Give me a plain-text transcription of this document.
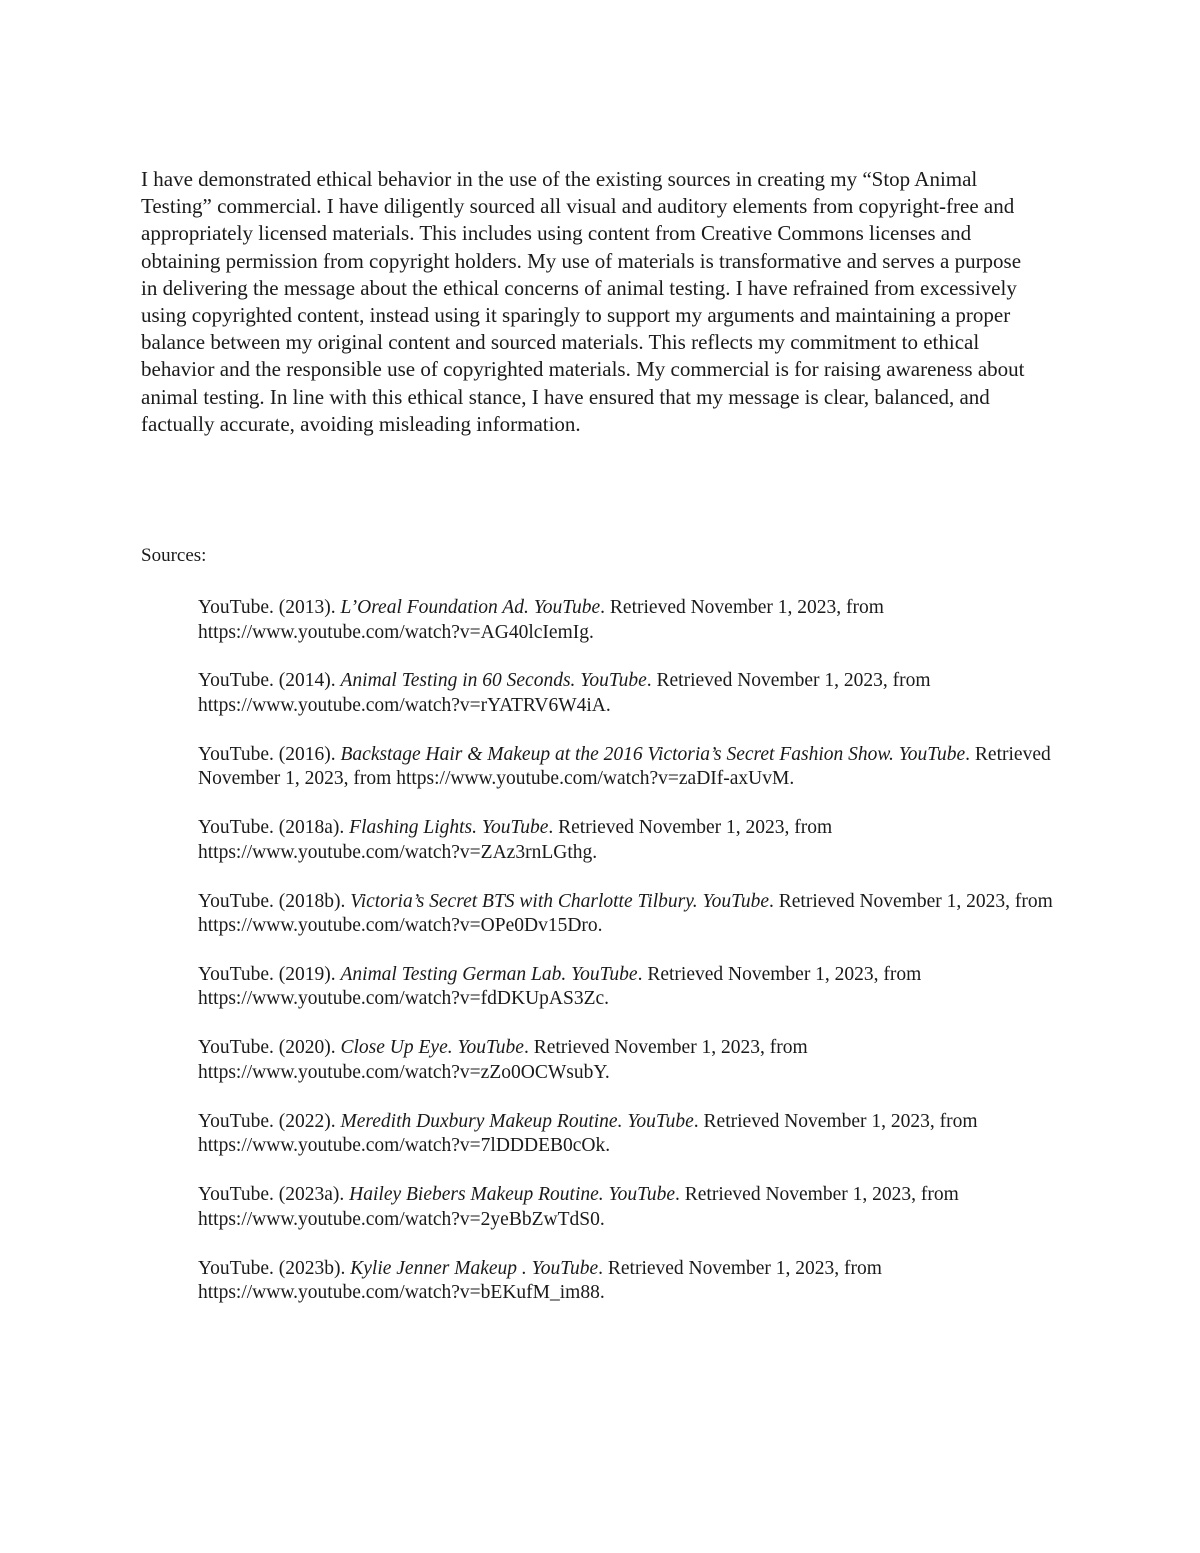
I have demonstrated ethical behavior in the use of the existing sources in creating my “Stop Animal Testing” commercial. I have diligently sourced all visual and auditory elements from copyright-free and appropriately licensed materials. This includes using content from Creative Commons licenses and obtaining permission from copyright holders. My use of materials is transformative and serves a purpose in delivering the message about the ethical concerns of animal testing. I have refrained from excessively using copyrighted content, instead using it sparingly to support my arguments and maintaining a proper balance between my original content and sourced materials. This reflects my commitment to ethical behavior and the responsible use of copyrighted materials. My commercial is for raising awareness about animal testing. In line with this ethical stance, I have ensured that my message is clear, balanced, and factually accurate, avoiding misleading information.

Sources:

YouTube. (2013). L’Oreal Foundation Ad. YouTube. Retrieved November 1, 2023, from https://www.youtube.com/watch?v=AG40lcIemIg.
YouTube. (2014). Animal Testing in 60 Seconds. YouTube. Retrieved November 1, 2023, from https://www.youtube.com/watch?v=rYATRV6W4iA.
YouTube. (2016). Backstage Hair & Makeup at the 2016 Victoria’s Secret Fashion Show. YouTube. Retrieved November 1, 2023, from https://www.youtube.com/watch?v=zaDIf-axUvM.
YouTube. (2018a). Flashing Lights. YouTube. Retrieved November 1, 2023, from https://www.youtube.com/watch?v=ZAz3rnLGthg.
YouTube. (2018b). Victoria’s Secret BTS with Charlotte Tilbury. YouTube. Retrieved November 1, 2023, from https://www.youtube.com/watch?v=OPe0Dv15Dro.
YouTube. (2019). Animal Testing German Lab. YouTube. Retrieved November 1, 2023, from https://www.youtube.com/watch?v=fdDKUpAS3Zc.
YouTube. (2020). Close Up Eye. YouTube. Retrieved November 1, 2023, from https://www.youtube.com/watch?v=zZo0OCWsubY.
YouTube. (2022). Meredith Duxbury Makeup Routine. YouTube. Retrieved November 1, 2023, from https://www.youtube.com/watch?v=7lDDDEB0cOk.
YouTube. (2023a). Hailey Biebers Makeup Routine. YouTube. Retrieved November 1, 2023, from https://www.youtube.com/watch?v=2yeBbZwTdS0.
YouTube. (2023b). Kylie Jenner Makeup . YouTube. Retrieved November 1, 2023, from https://www.youtube.com/watch?v=bEKufM_im88.
